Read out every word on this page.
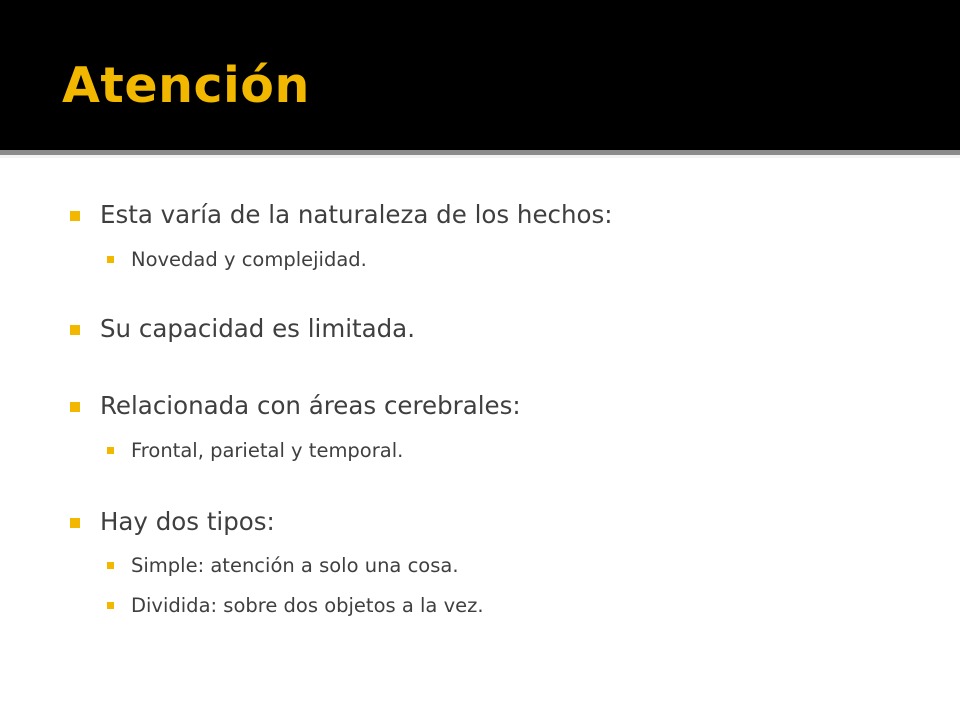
Atención
Esta varía de la naturaleza de los hechos:
Novedad y complejidad.
Su capacidad es limitada.
Relacionada con áreas cerebrales:
Frontal, parietal y temporal.
Hay dos tipos:
Simple: atención a solo una cosa.
Dividida: sobre dos objetos a la vez.
